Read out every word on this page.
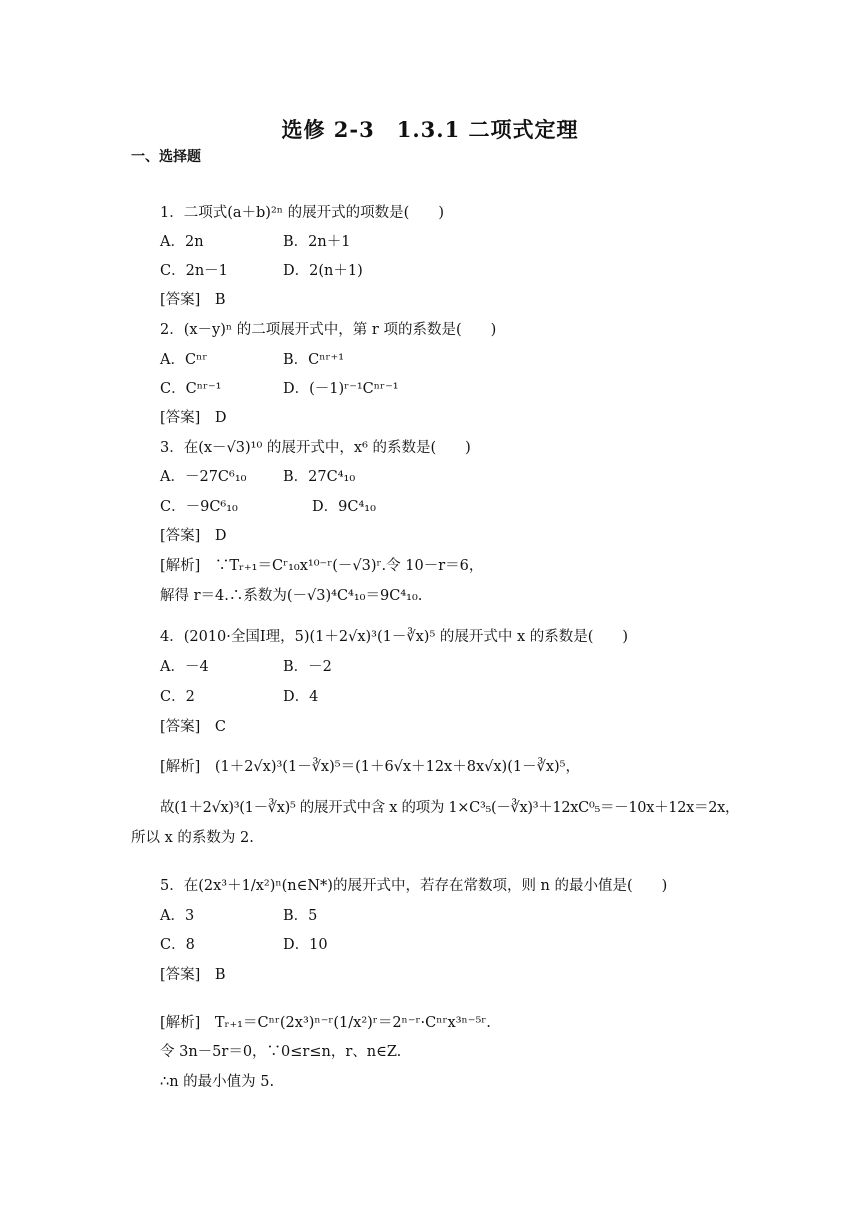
选修 2-3　1.3.1 二项式定理
一、选择题
1．二项式(a＋b)²ⁿ 的展开式的项数是(　　)
A．2n	B．2n＋1
C．2n－1	D．2(n＋1)
[答案]　B
2．(x－y)ⁿ 的二项展开式中，第 r 项的系数是(　　)
A．Cⁿʳ	B．Cⁿʳ⁺¹
C．Cⁿʳ⁻¹	D．(－1)ʳ⁻¹Cⁿʳ⁻¹
[答案]　D
3．在(x－√3)¹⁰ 的展开式中，x⁶ 的系数是(　　)
A．－27C⁶₁₀	B．27C⁴₁₀
C．－9C⁶₁₀	D．9C⁴₁₀
[答案]　D
[解析]　∵Tᵣ₊₁＝Cʳ₁₀x¹⁰⁻ʳ(－√3)ʳ.令 10－r＝6，
解得 r＝4.∴系数为(－√3)⁴C⁴₁₀＝9C⁴₁₀.
4．(2010·全国Ⅰ理，5)(1＋2√x)³(1－∛x)⁵ 的展开式中 x 的系数是(　　)
A．－4	B．－2
C．2	D．4
[答案]　C
[解析]　(1＋2√x)³(1－∛x)⁵＝(1＋6√x＋12x＋8x√x)(1－∛x)⁵，
故(1＋2√x)³(1－∛x)⁵ 的展开式中含 x 的项为 1×C³₅(－∛x)³＋12xC⁰₅＝－10x＋12x＝2x，
所以 x 的系数为 2.
5．在(2x³＋1/x²)ⁿ(n∈N*)的展开式中，若存在常数项，则 n 的最小值是(　　)
A．3	B．5
C．8	D．10
[答案]　B
[解析]　Tᵣ₊₁＝Cⁿʳ(2x³)ⁿ⁻ʳ(1/x²)ʳ＝2ⁿ⁻ʳ·Cⁿʳx³ⁿ⁻⁵ʳ.
令 3n－5r＝0，∵0≤r≤n，r、n∈Z.
∴n 的最小值为 5.
